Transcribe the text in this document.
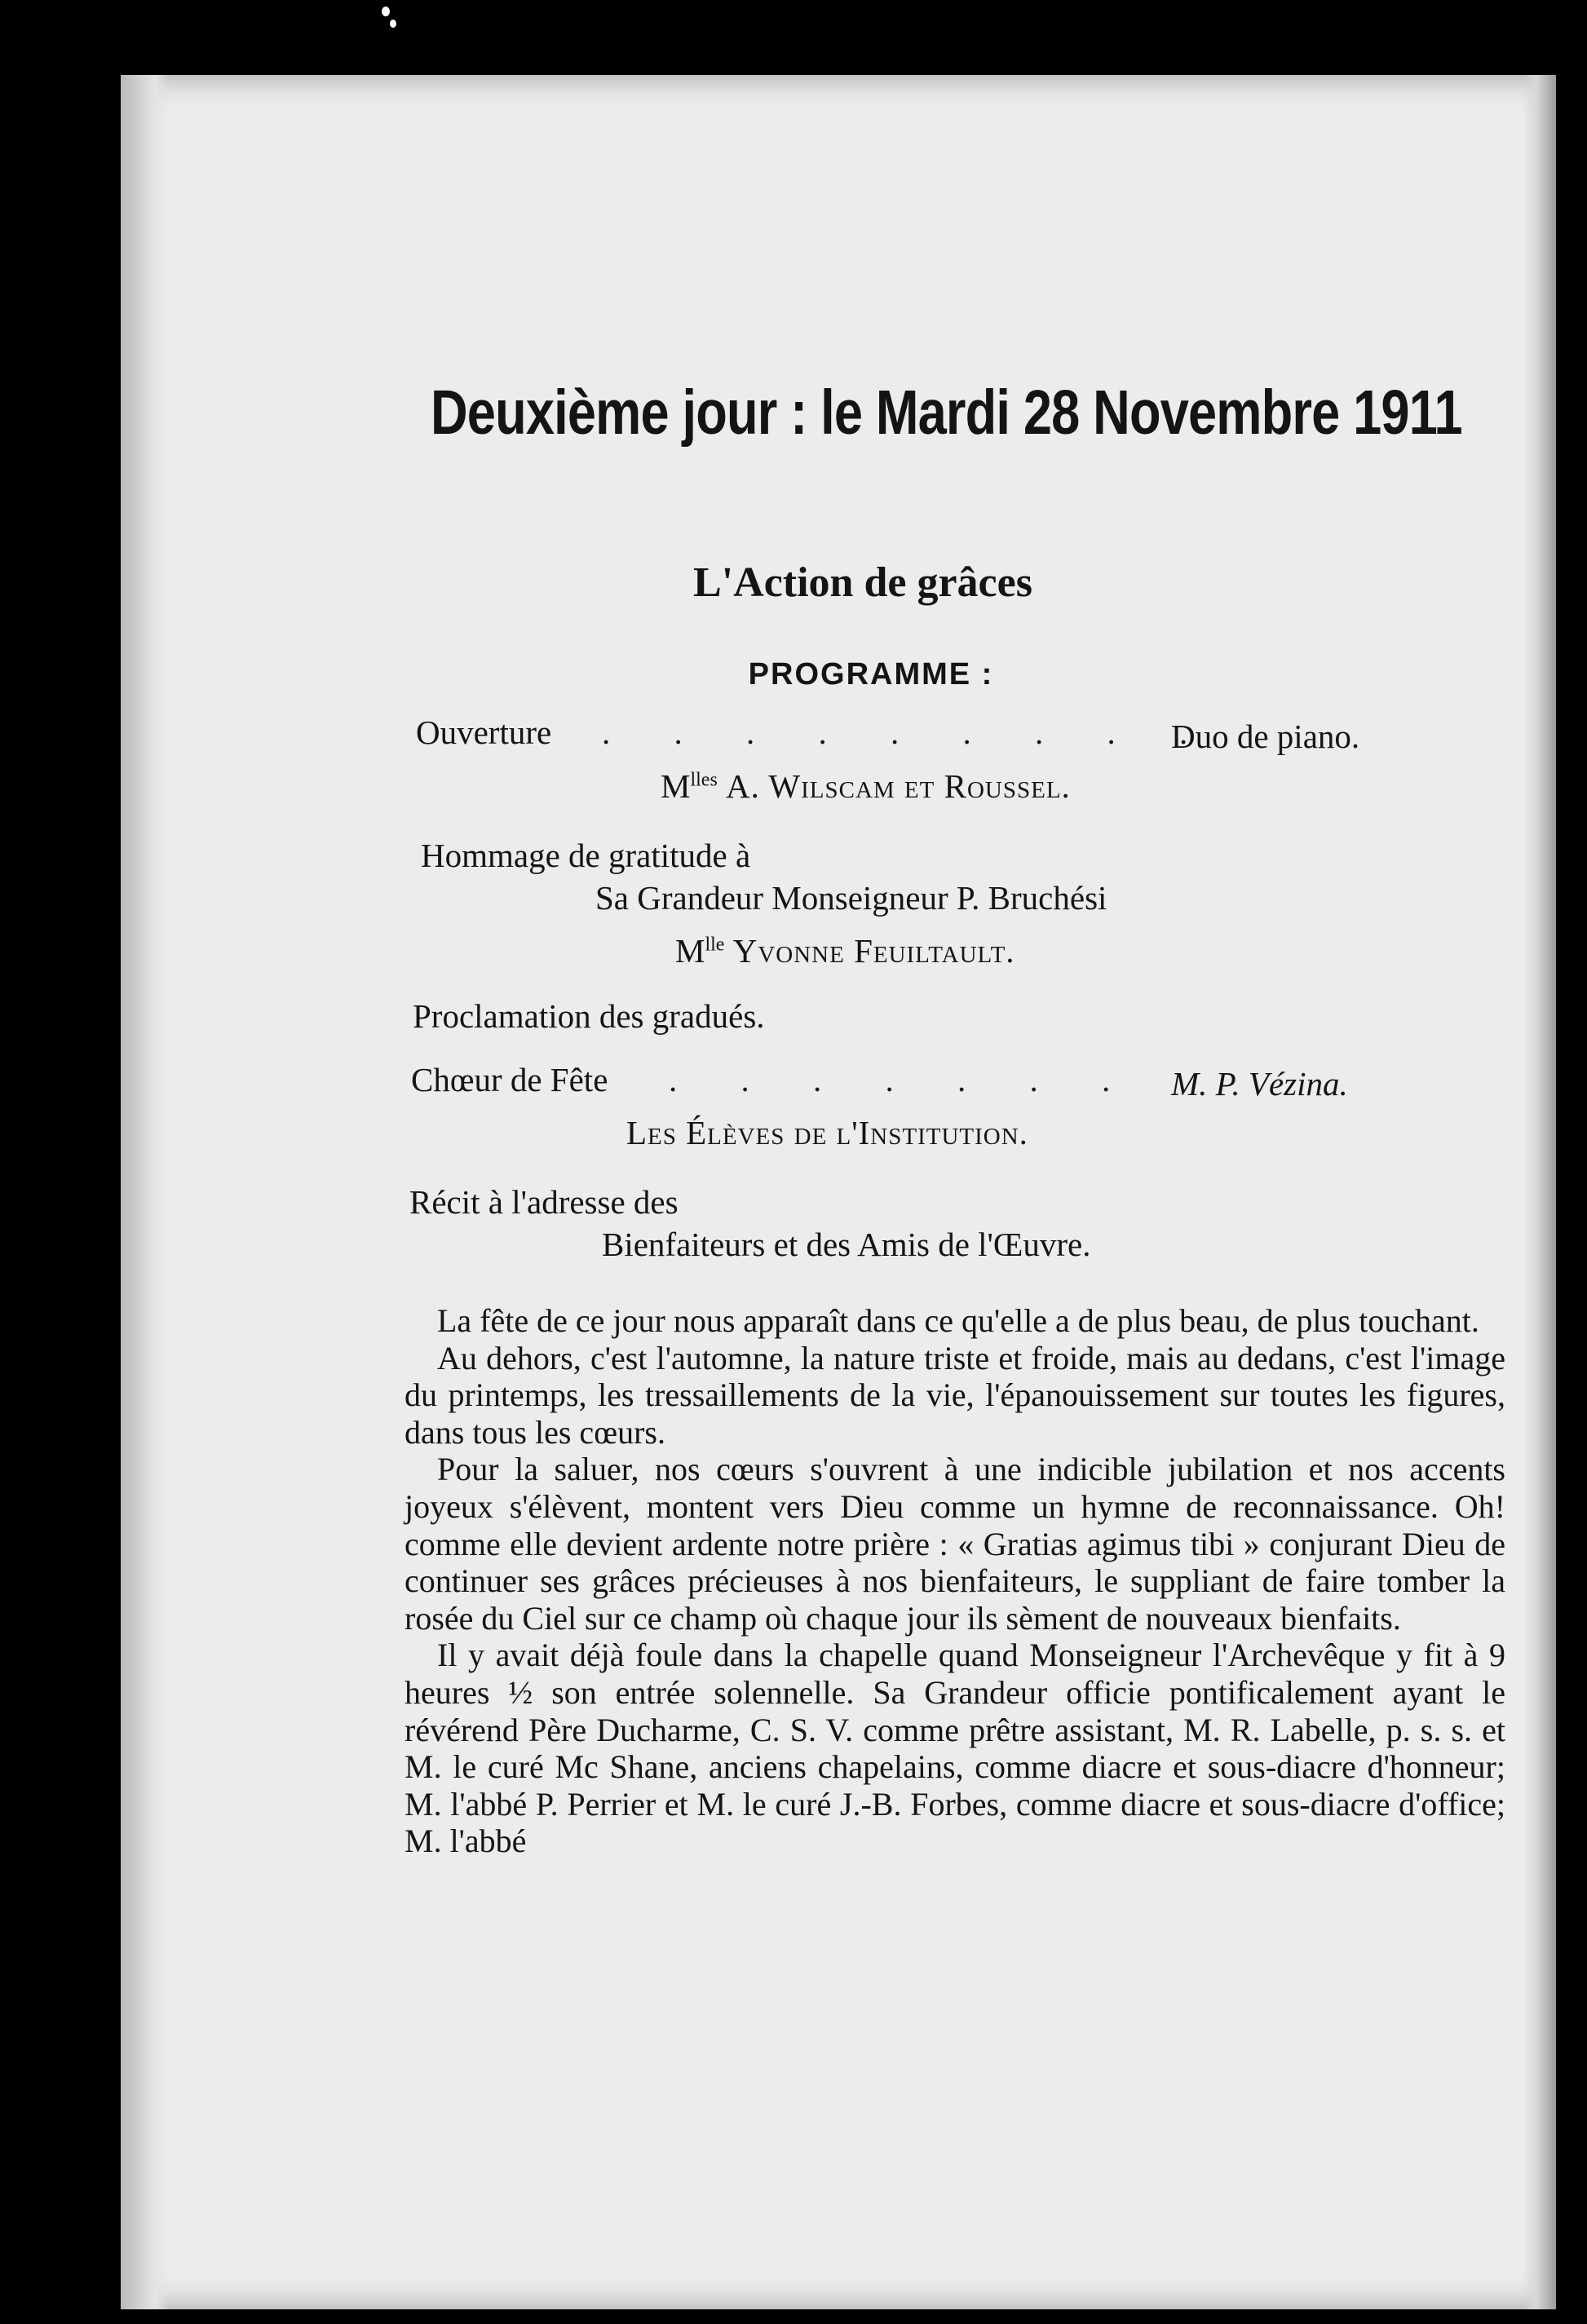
Deuxième jour : le Mardi 28 Novembre 1911
L'Action de grâces
PROGRAMME :
Ouverture . . . . . . . . .
Duo de piano.
$M^{lles}$ A. Wilscam et Roussel.
Hommage de gratitude à
Sa Grandeur Monseigneur P. Bruchési
$M^{lle}$ Yvonne Feuiltault.
Proclamation des gradués.
Chœur de Fête . . . . . . . M. P. Vézina.
Les Élèves de l'Institution.
Récit à l'adresse des
Bienfaiteurs et des Amis de l'Œuvre.

La fête de ce jour nous apparaît dans ce qu'elle a de plus beau, de plus touchant.

Au dehors, c'est l'automne, la nature triste et froide, mais au dedans, c'est l'image du printemps, les tressaillements de la vie, l'épanouissement sur toutes les figures, dans tous les cœurs.

Pour la saluer, nos cœurs s'ouvrent à une indicible jubilation et nos accents joyeux s'élèvent, montent vers Dieu comme un hymne de reconnaissance. Oh! comme elle devient ardente notre prière : « Gratias agimus tibi » conjurant Dieu de continuer ses grâces précieuses à nos bienfaiteurs, le suppliant de faire tomber la rosée du Ciel sur ce champ où chaque jour ils sèment de nouveaux bienfaits.

Il y avait déjà foule dans la chapelle quand Monseigneur l'Archevêque y fit à 9 heures ½ son entrée solennelle. Sa Grandeur officie pontificalement ayant le révérend Père Ducharme, C. S. V. comme prêtre assistant, M. R. Labelle, p. s. s. et M. le curé Mc Shane, anciens chapelains, comme diacre et sous-diacre d'honneur; M. l'abbé P. Perrier et M. le curé J.-B. Forbes, comme diacre et sous-diacre d'office; M. l'abbé
